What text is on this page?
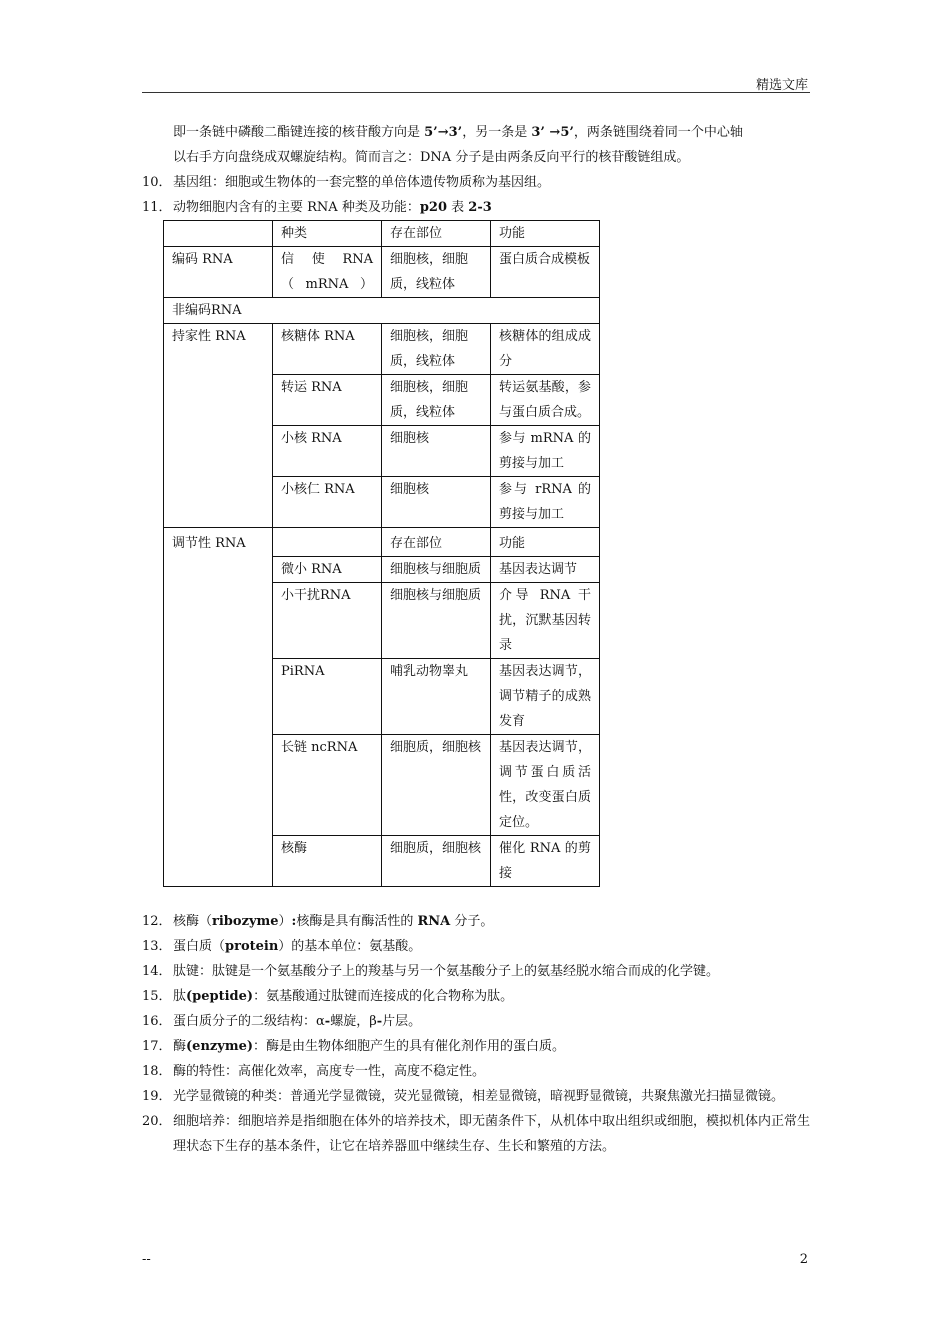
精选文库

即一条链中磷酸二酯键连接的核苷酸方向是 5’→3’，另一条是 3’ →5’，两条链围绕着同一个中心轴

以右手方向盘绕成双螺旋结构。简而言之：DNA 分子是由两条反向平行的核苷酸链组成。

10． 基因组：细胞或生物体的一套完整的单倍体遗传物质称为基因组。
11． 动物细胞内含有的主要 RNA 种类及功能：p20 表 2-3
	种类	存在部位	功能
编码 RNA	信　使　RNA（mRNA）	细胞核，细胞质，线粒体	蛋白质合成模板
非编码RNA			
持家性 RNA	核糖体 RNA	细胞核，细胞质，线粒体	核糖体的组成成分
	转运 RNA	细胞核，细胞质，线粒体	转运氨基酸，参与蛋白质合成。
	小核 RNA	细胞核	参与 mRNA 的剪接与加工
	小核仁 RNA	细胞核	参与 rRNA 的剪接与加工
调节性 RNA		存在部位	功能
	微小 RNA	细胞核与细胞质	基因表达调节
	小干扰RNA	细胞核与细胞质	介导 RNA 干扰，沉默基因转录
	PiRNA	哺乳动物睾丸	基因表达调节，调节精子的成熟发育
	长链 ncRNA	细胞质，细胞核	基因表达调节，调节蛋白质活性，改变蛋白质定位。
	核酶	细胞质，细胞核	催化 RNA 的剪接
12． 核酶（ribozyme）:核酶是具有酶活性的 RNA 分子。
13． 蛋白质（protein）的基本单位：氨基酸。
14． 肽键：肽键是一个氨基酸分子上的羧基与另一个氨基酸分子上的氨基经脱水缩合而成的化学键。
15． 肽(peptide)：氨基酸通过肽键而连接成的化合物称为肽。
16． 蛋白质分子的二级结构：α-螺旋，β-片层。
17． 酶(enzyme)：酶是由生物体细胞产生的具有催化剂作用的蛋白质。
18． 酶的特性：高催化效率，高度专一性，高度不稳定性。
19． 光学显微镜的种类：普通光学显微镜，荧光显微镜，相差显微镜，暗视野显微镜，共聚焦激光扫描显微镜。
20． 细胞培养：细胞培养是指细胞在体外的培养技术，即无菌条件下，从机体中取出组织或细胞，模拟机体内正常生理状态下生存的基本条件，让它在培养器皿中继续生存、生长和繁殖的方法。
--	2
